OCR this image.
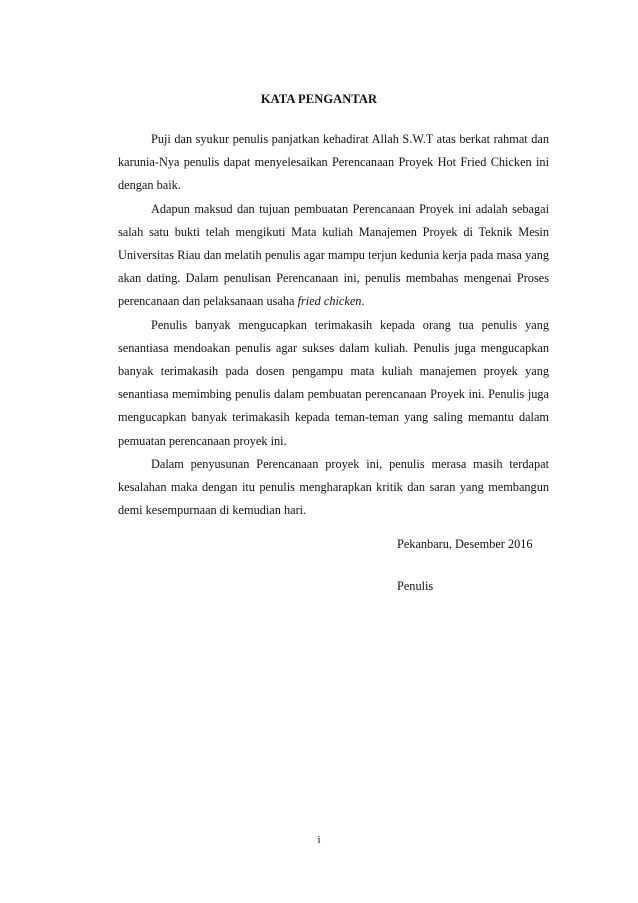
KATA PENGANTAR

Puji dan syukur penulis panjatkan kehadirat Allah S.W.T atas berkat rahmat dan karunia-Nya penulis dapat menyelesaikan Perencanaan Proyek Hot Fried Chicken ini dengan baik.

Adapun maksud dan tujuan pembuatan Perencanaan Proyek ini adalah sebagai salah satu bukti telah mengikuti Mata kuliah Manajemen Proyek di Teknik Mesin Universitas Riau dan melatih penulis agar mampu terjun kedunia kerja pada masa yang akan dating. Dalam penulisan Perencanaan ini, penulis membahas mengenai Proses perencanaan dan pelaksanaan usaha fried chicken.

Penulis banyak mengucapkan terimakasih kepada orang tua penulis yang senantiasa mendoakan penulis agar sukses dalam kuliah. Penulis juga mengucapkan banyak terimakasih pada dosen pengampu mata kuliah manajemen proyek yang senantiasa memimbing penulis dalam pembuatan perencanaan Proyek ini. Penulis juga mengucapkan banyak terimakasih kepada teman-teman yang saling memantu dalam pemuatan perencanaan proyek ini.

Dalam penyusunan Perencanaan proyek ini, penulis merasa masih terdapat kesalahan maka dengan itu penulis mengharapkan kritik dan saran yang membangun demi kesempurnaan di kemudian hari.

Pekanbaru, Desember 2016
Penulis
i
